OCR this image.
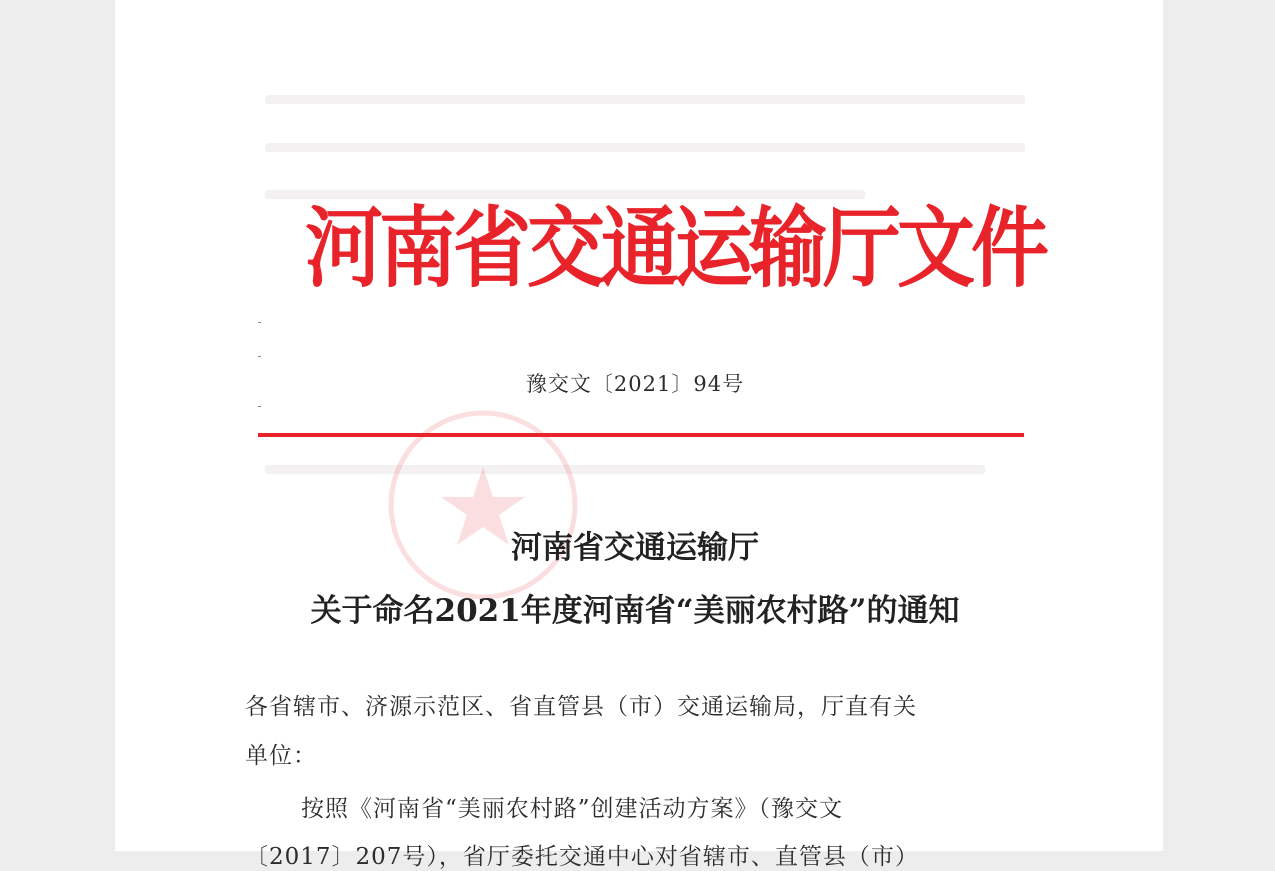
河南省交通运输厅文件
豫交文〔2021〕94号
河南省交通运输厅
关于命名2021年度河南省“美丽农村路”的通知
各省辖市、济源示范区、省直管县（市）交通运输局，厅直有关
单位：
按照《河南省“美丽农村路”创建活动方案》（豫交文
〔2017〕207号），省厅委托交通中心对省辖市、直管县（市）
